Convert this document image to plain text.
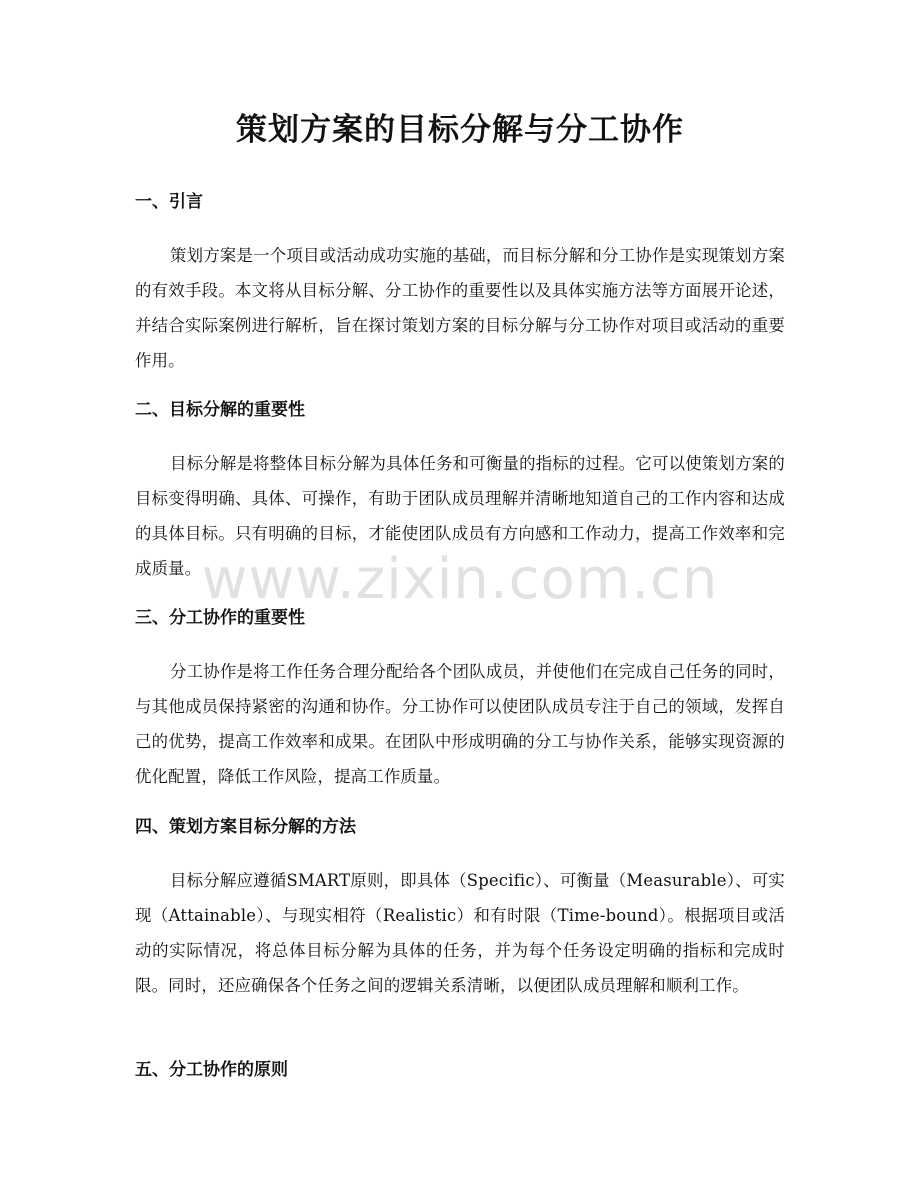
策划方案的目标分解与分工协作
一、引言

策划方案是一个项目或活动成功实施的基础，而目标分解和分工协作是实现策划方案的有效手段。本文将从目标分解、分工协作的重要性以及具体实施方法等方面展开论述，并结合实际案例进行解析，旨在探讨策划方案的目标分解与分工协作对项目或活动的重要作用。

二、目标分解的重要性

目标分解是将整体目标分解为具体任务和可衡量的指标的过程。它可以使策划方案的目标变得明确、具体、可操作，有助于团队成员理解并清晰地知道自己的工作内容和达成的具体目标。只有明确的目标，才能使团队成员有方向感和工作动力，提高工作效率和完成质量。

三、分工协作的重要性

分工协作是将工作任务合理分配给各个团队成员，并使他们在完成自己任务的同时，与其他成员保持紧密的沟通和协作。分工协作可以使团队成员专注于自己的领域，发挥自己的优势，提高工作效率和成果。在团队中形成明确的分工与协作关系，能够实现资源的优化配置，降低工作风险，提高工作质量。

四、策划方案目标分解的方法

目标分解应遵循SMART原则，即具体（Specific）、可衡量（Measurable）、可实现（Attainable）、与现实相符（Realistic）和有时限（Time-bound）。根据项目或活动的实际情况，将总体目标分解为具体的任务，并为每个任务设定明确的指标和完成时限。同时，还应确保各个任务之间的逻辑关系清晰，以便团队成员理解和顺利工作。

五、分工协作的原则
www.zixin.com.cn
